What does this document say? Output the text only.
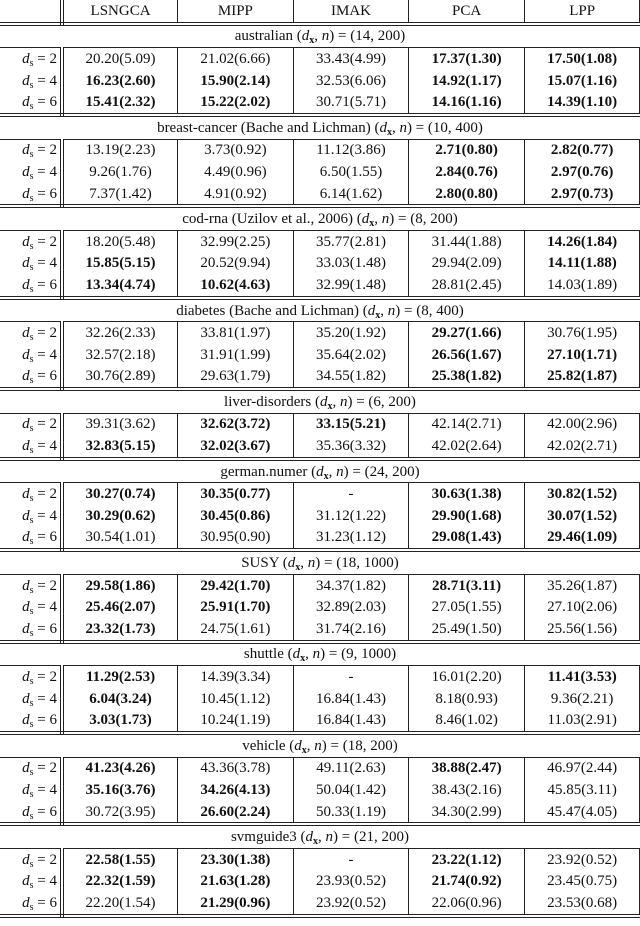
	LSNGCA	MIPP	IMAK	PCA	LPP
australian ($d_x$, n) = (14, 200)					
$d_s = 2$	20.20(5.09)	21.02(6.66)	33.43(4.99)	17.37(1.30)	17.50(1.08)
$d_s = 4$	16.23(2.60)	15.90(2.14)	32.53(6.06)	14.92(1.17)	15.07(1.16)
$d_s = 6$	15.41(2.32)	15.22(2.02)	30.71(5.71)	14.16(1.16)	14.39(1.10)
breast-cancer (Bache and Lichman) ($d_x$, n) = (10, 400)					
$d_s = 2$	13.19(2.23)	3.73(0.92)	11.12(3.86)	2.71(0.80)	2.82(0.77)
$d_s = 4$	9.26(1.76)	4.49(0.96)	6.50(1.55)	2.84(0.76)	2.97(0.76)
$d_s = 6$	7.37(1.42)	4.91(0.92)	6.14(1.62)	2.80(0.80)	2.97(0.73)
cod-rna (Uzilov et al., 2006) ($d_x$, n) = (8, 200)					
$d_s = 2$	18.20(5.48)	32.99(2.25)	35.77(2.81)	31.44(1.88)	14.26(1.84)
$d_s = 4$	15.85(5.15)	20.52(9.94)	33.03(1.48)	29.94(2.09)	14.11(1.88)
$d_s = 6$	13.34(4.74)	10.62(4.63)	32.99(1.48)	28.81(2.45)	14.03(1.89)
diabetes (Bache and Lichman) ($d_x$, n) = (8, 400)					
$d_s = 2$	32.26(2.33)	33.81(1.97)	35.20(1.92)	29.27(1.66)	30.76(1.95)
$d_s = 4$	32.57(2.18)	31.91(1.99)	35.64(2.02)	26.56(1.67)	27.10(1.71)
$d_s = 6$	30.76(2.89)	29.63(1.79)	34.55(1.82)	25.38(1.82)	25.82(1.87)
liver-disorders ($d_x$, n) = (6, 200)					
$d_s = 2$	39.31(3.62)	32.62(3.72)	33.15(5.21)	42.14(2.71)	42.00(2.96)
$d_s = 4$	32.83(5.15)	32.02(3.67)	35.36(3.32)	42.02(2.64)	42.02(2.71)
german.numer ($d_x$, n) = (24, 200)					
$d_s = 2$	30.27(0.74)	30.35(0.77)	-	30.63(1.38)	30.82(1.52)
$d_s = 4$	30.29(0.62)	30.45(0.86)	31.12(1.22)	29.90(1.68)	30.07(1.52)
$d_s = 6$	30.54(1.01)	30.95(0.90)	31.23(1.12)	29.08(1.43)	29.46(1.09)
SUSY ($d_x$, n) = (18, 1000)					
$d_s = 2$	29.58(1.86)	29.42(1.70)	34.37(1.82)	28.71(3.11)	35.26(1.87)
$d_s = 4$	25.46(2.07)	25.91(1.70)	32.89(2.03)	27.05(1.55)	27.10(2.06)
$d_s = 6$	23.32(1.73)	24.75(1.61)	31.74(2.16)	25.49(1.50)	25.56(1.56)
shuttle ($d_x$, n) = (9, 1000)					
$d_s = 2$	11.29(2.53)	14.39(3.34)	-	16.01(2.20)	11.41(3.53)
$d_s = 4$	6.04(3.24)	10.45(1.12)	16.84(1.43)	8.18(0.93)	9.36(2.21)
$d_s = 6$	3.03(1.73)	10.24(1.19)	16.84(1.43)	8.46(1.02)	11.03(2.91)
vehicle ($d_x$, n) = (18, 200)					
$d_s = 2$	41.23(4.26)	43.36(3.78)	49.11(2.63)	38.88(2.47)	46.97(2.44)
$d_s = 4$	35.16(3.76)	34.26(4.13)	50.04(1.42)	38.43(2.16)	45.85(3.11)
$d_s = 6$	30.72(3.95)	26.60(2.24)	50.33(1.19)	34.30(2.99)	45.47(4.05)
svmguide3 ($d_x$, n) = (21, 200)					
$d_s = 2$	22.58(1.55)	23.30(1.38)	-	23.22(1.12)	23.92(0.52)
$d_s = 4$	22.32(1.59)	21.63(1.28)	23.93(0.52)	21.74(0.92)	23.45(0.75)
$d_s = 6$	22.20(1.54)	21.29(0.96)	23.92(0.52)	22.06(0.96)	23.53(0.68)
